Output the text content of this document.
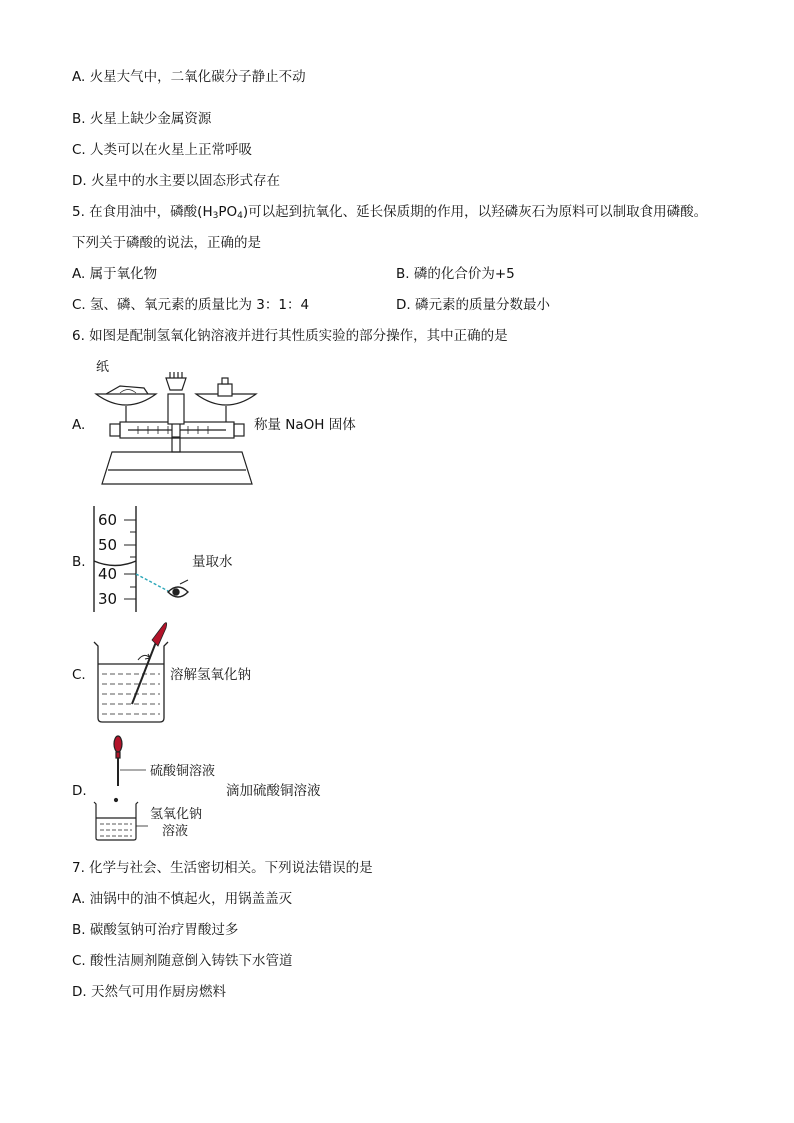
A. 火星大气中，二氧化碳分子静止不动
B. 火星上缺少金属资源
C. 人类可以在火星上正常呼吸
D. 火星中的水主要以固态形式存在
5. 在食用油中，磷酸$(H_3PO_4)$可以起到抗氧化、延长保质期的作用，以羟磷灰石为原料可以制取食用磷酸。
下列关于磷酸的说法，正确的是
A. 属于氧化物	B. 磷的化合价为+5
C. 氢、磷、氧元素的质量比为 3：1：4	D. 磷元素的质量分数最小
6. 如图是配制氢氧化钠溶液并进行其性质实验的部分操作，其中正确的是
A.
纸
称量 NaOH 固体
B.
60
50
40
30
量取水
C.	溶解氢氧化钠
D.
硫酸铜溶液
滴加硫酸铜溶液
氢氧化钠
溶液
7. 化学与社会、生活密切相关。下列说法错误的是
A. 油锅中的油不慎起火，用锅盖盖灭
B. 碳酸氢钠可治疗胃酸过多
C. 酸性洁厕剂随意倒入铸铁下水管道
D. 天然气可用作厨房燃料
